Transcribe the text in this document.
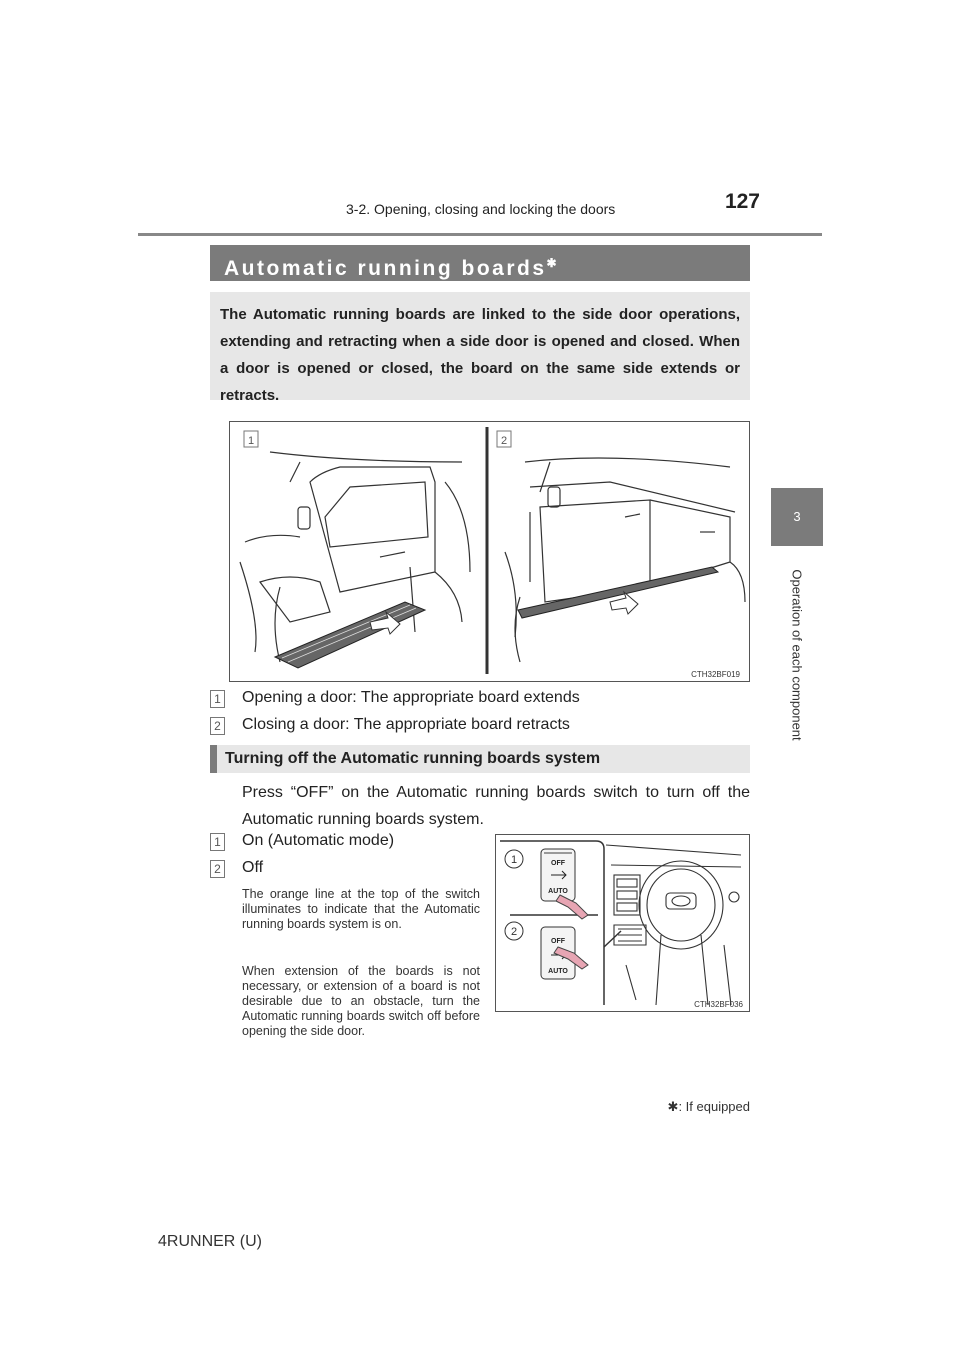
3-2. Opening, closing and locking the doors	127
3
Operation of each component
Automatic running boards✱
The Automatic running boards are linked to the side door operations, extending and retracting when a side door is opened and closed. When a door is opened or closed, the board on the same side extends or retracts.
1	2
CTH32BF019
1 Opening a door: The appropriate board extends
2 Closing a door: The appropriate board retracts
Turning off the Automatic running boards system
Press “OFF” on the Automatic running boards switch to turn off the Automatic running boards system.
1 On (Automatic mode)
2 Off
The orange line at the top of the switch illuminates to indicate that the Automatic running boards system is on.
When extension of the boards is not necessary, or extension of a board is not desirable due to an obstacle, turn the Automatic running boards switch off before opening the side door.
1
2
OFF
AUTO
OFF
AUTO
CTH32BF036
✱: If equipped
4RUNNER (U)
